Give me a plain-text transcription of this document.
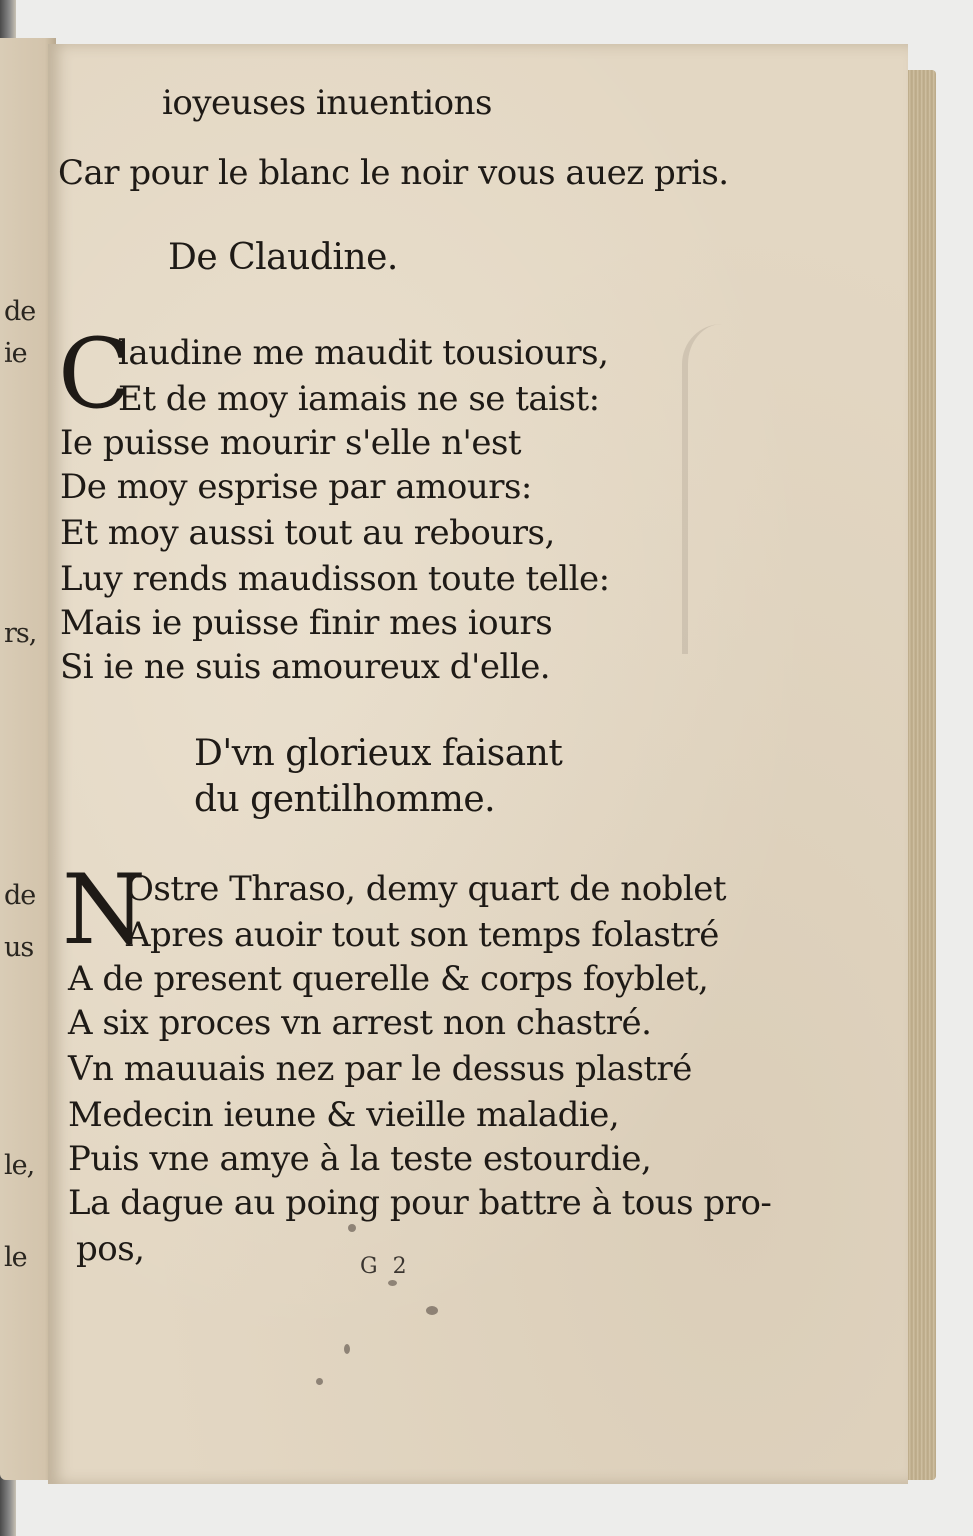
de
ie
rs,
de
us
le,
le
ioyeuses inuentions
Car pour le blanc le noir vous auez pris.
De Claudine.
C
laudine me maudit tousiours,
Et de moy iamais ne se taist:
Ie puisse mourir s'elle n'est
De moy esprise par amours:
Et moy aussi tout au rebours,
Luy rends maudisson toute telle:
Mais ie puisse finir mes iours
Si ie ne suis amoureux d'elle.
D'vn glorieux faisant
du gentilhomme.
N
Ostre Thraso, demy quart de noblet
Apres auoir tout son temps folastré
A de present querelle & corps foyblet,
A six proces vn arrest non chastré.
Vn mauuais nez par le dessus plastré
Medecin ieune & vieille maladie,
Puis vne amye à la teste estourdie,
La dague au poing pour battre à tous pro-
pos,	G 2
